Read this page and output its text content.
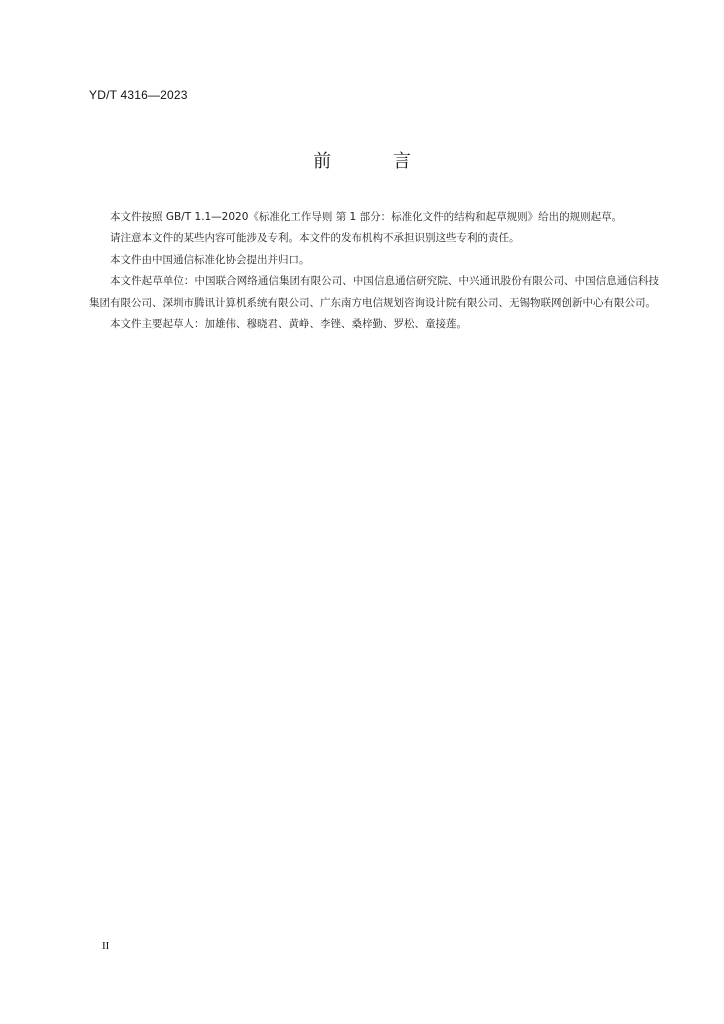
YD/T 4316—2023
前 言

本文件按照 GB/T 1.1—2020《标准化工作导则 第 1 部分：标准化文件的结构和起草规则》给出的规则起草。

请注意本文件的某些内容可能涉及专利。本文件的发布机构不承担识别这些专利的责任。

本文件由中国通信标准化协会提出并归口。

本文件起草单位：中国联合网络通信集团有限公司、中国信息通信研究院、中兴通讯股份有限公司、中国信息通信科技集团有限公司、深圳市腾讯计算机系统有限公司、广东南方电信规划咨询设计院有限公司、无锡物联网创新中心有限公司。

本文件主要起草人：加雄伟、穆晓君、黄峥、李锉、桑梓勤、罗松、童接莲。

II
